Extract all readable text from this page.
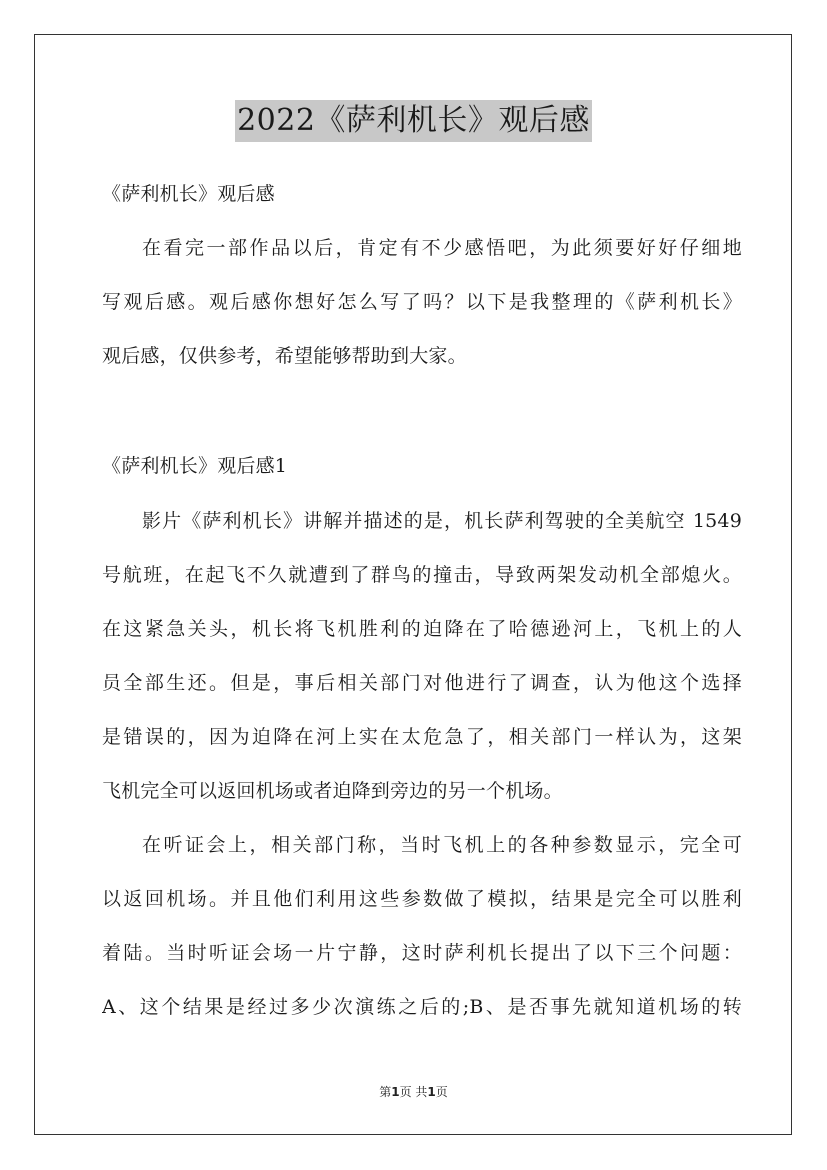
2022《萨利机长》观后感
《萨利机长》观后感
在看完一部作品以后，肯定有不少感悟吧，为此须要好好仔细地
写观后感。观后感你想好怎么写了吗？以下是我整理的《萨利机长》
观后感，仅供参考，希望能够帮助到大家。
《萨利机长》观后感1
影片《萨利机长》讲解并描述的是，机长萨利驾驶的全美航空 1549
号航班，在起飞不久就遭到了群鸟的撞击，导致两架发动机全部熄火。
在这紧急关头，机长将飞机胜利的迫降在了哈德逊河上，飞机上的人
员全部生还。但是，事后相关部门对他进行了调查，认为他这个选择
是错误的，因为迫降在河上实在太危急了，相关部门一样认为，这架
飞机完全可以返回机场或者迫降到旁边的另一个机场。
在听证会上，相关部门称，当时飞机上的各种参数显示，完全可
以返回机场。并且他们利用这些参数做了模拟，结果是完全可以胜利
着陆。当时听证会场一片宁静，这时萨利机长提出了以下三个问题：
A、这个结果是经过多少次演练之后的;B、是否事先就知道机场的转
第1页 共1页
